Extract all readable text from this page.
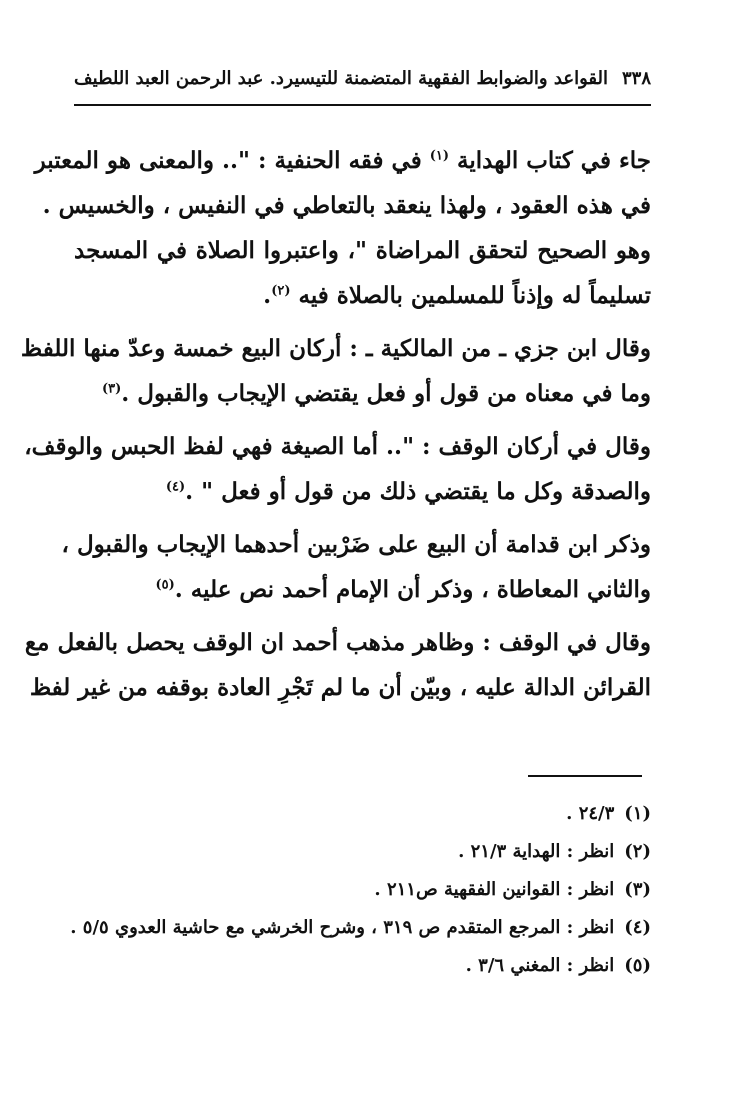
٣٣٨
القواعد والضوابط الفقهية المتضمنة للتيسير
د. عبد الرحمن العبد اللطيف
جاء في كتاب الهداية $^{(١)}$ في فقه الحنفية : ".. والمعنى هو المعتبر
في هذه العقود ، ولهذا ينعقد بالتعاطي في النفيس ، والخسيس .
وهو الصحيح لتحقق المراضاة "، واعتبروا الصلاة في المسجد
تسليماً له وإذناً للمسلمين بالصلاة فيه $^{(٢)}$.
وقال ابن جزي ـ من المالكية ـ : أركان البيع خمسة وعدّ منها اللفظ
وما في معناه من قول أو فعل يقتضي الإيجاب والقبول .$^{(٣)}$
وقال في أركان الوقف : ".. أما الصيغة فهي لفظ الحبس والوقف،
والصدقة وكل ما يقتضي ذلك من قول أو فعل " .$^{(٤)}$
وذكر ابن قدامة أن البيع على ضَرْبين أحدهما الإيجاب والقبول ،
والثاني المعاطاة ، وذكر أن الإمام أحمد نص عليه .$^{(٥)}$
وقال في الوقف : وظاهر مذهب أحمد ان الوقف يحصل بالفعل مع
القرائن الدالة عليه ، وبيّن أن ما لم تَجْرِ العادة بوقفه من غير لفظ
(١)٢٤/٣ .
(٢)انظر : الهداية ٢١/٣ .
(٣)انظر : القوانين الفقهية ص٢١١ .
(٤)انظر : المرجع المتقدم ص ٣١٩ ، وشرح الخرشي مع حاشية العدوي ٥/٥ .
(٥)انظر : المغني ٣/٦ .
